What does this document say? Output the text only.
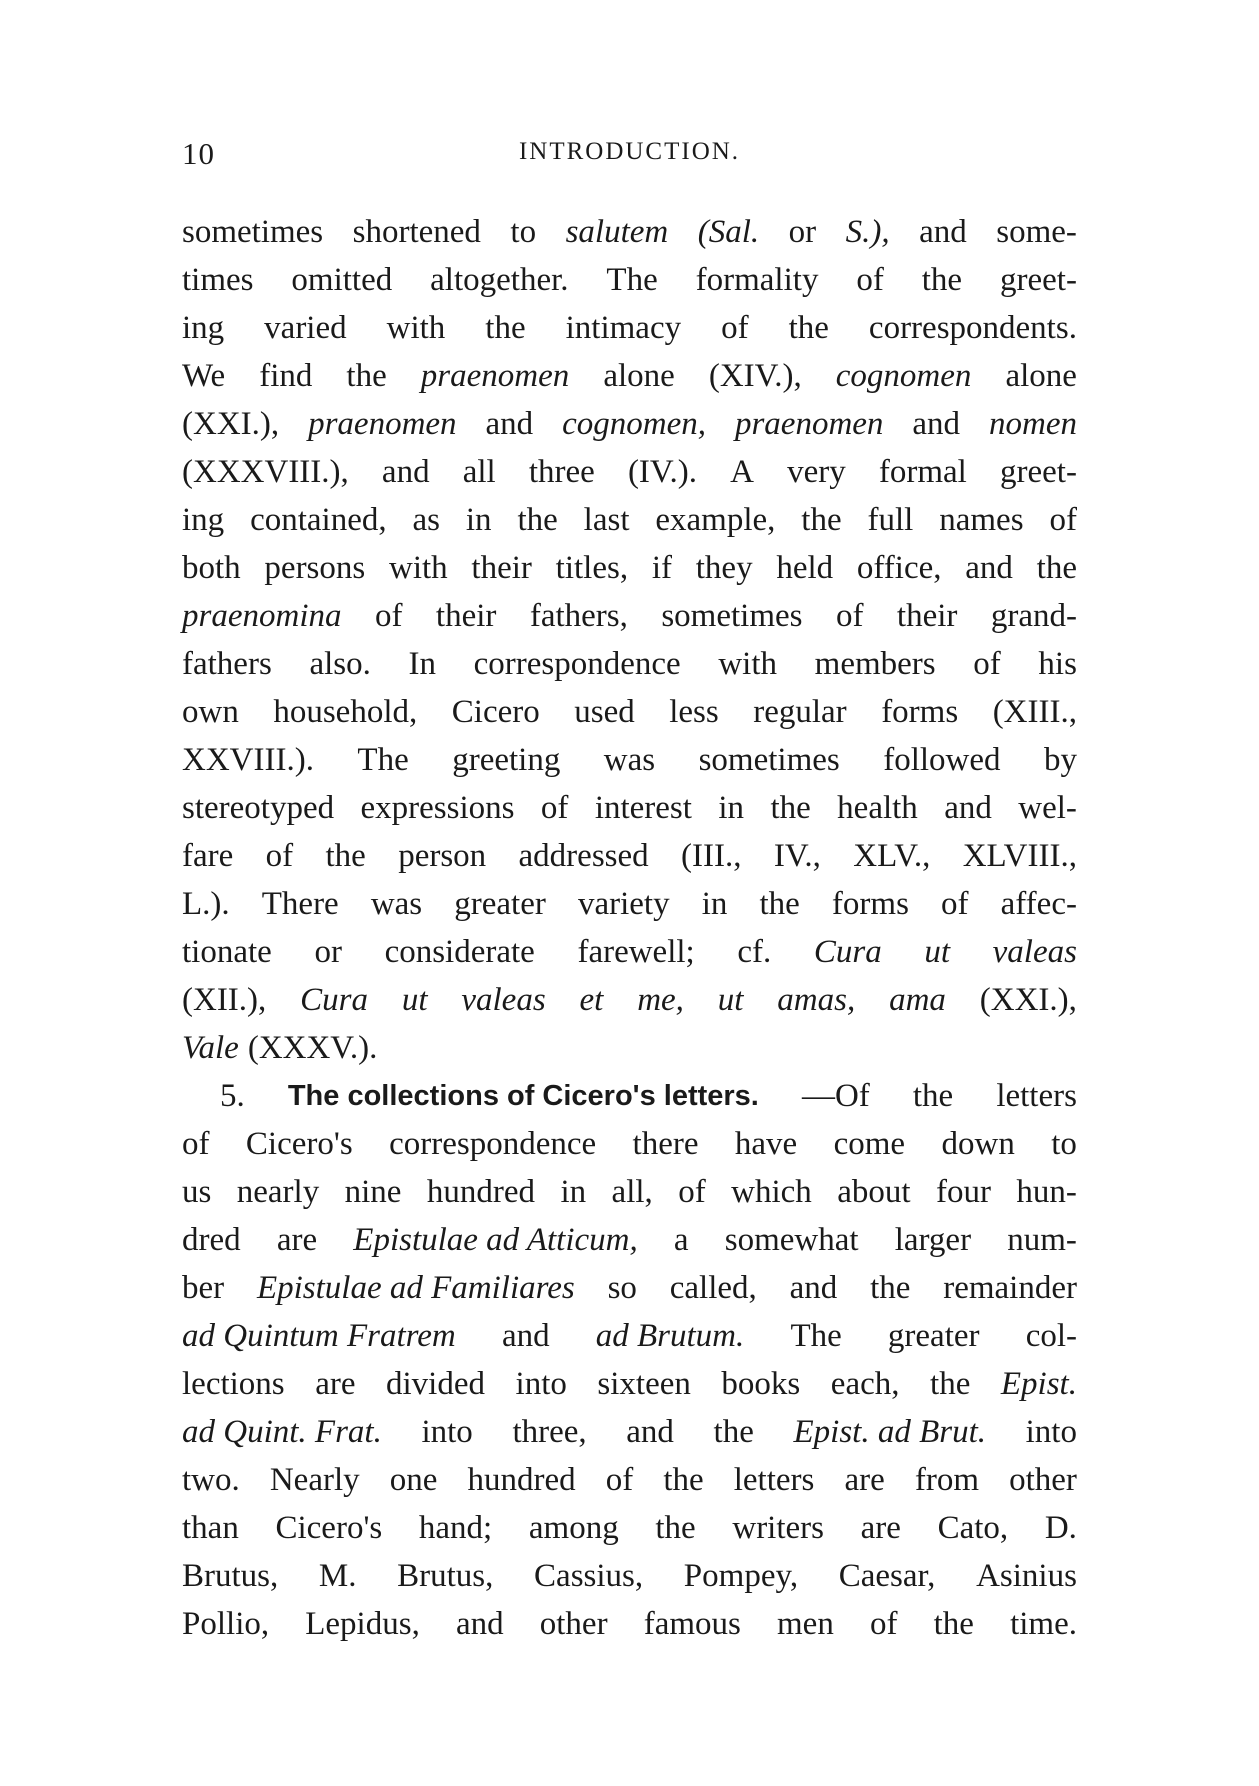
10	INTRODUCTION.
sometimes shortened to salutem (Sal. or S.), and some-
times omitted altogether. The formality of the greet-
ing varied with the intimacy of the correspondents.
We find the praenomen alone (XIV.), cognomen alone
(XXI.), praenomen and cognomen, praenomen and nomen
(XXXVIII.), and all three (IV.). A very formal greet-
ing contained, as in the last example, the full names of
both persons with their titles, if they held office, and the
praenomina of their fathers, sometimes of their grand-
fathers also. In correspondence with members of his
own household, Cicero used less regular forms (XIII.,
XXVIII.). The greeting was sometimes followed by
stereotyped expressions of interest in the health and wel-
fare of the person addressed (III., IV., XLV., XLVIII.,
L.). There was greater variety in the forms of affec-
tionate or considerate farewell; cf. Cura ut valeas
(XII.), Cura ut valeas et me, ut amas, ama (XXI.),
Vale (XXXV.).
5. The collections of Cicero's letters. —Of the letters
of Cicero's correspondence there have come down to
us nearly nine hundred in all, of which about four hun-
dred are Epistulae ad Atticum, a somewhat larger num-
ber Epistulae ad Familiares so called, and the remainder
ad Quintum Fratrem and ad Brutum. The greater col-
lections are divided into sixteen books each, the Epist.
ad Quint. Frat. into three, and the Epist. ad Brut. into
two. Nearly one hundred of the letters are from other
than Cicero's hand; among the writers are Cato, D.
Brutus, M. Brutus, Cassius, Pompey, Caesar, Asinius
Pollio, Lepidus, and other famous men of the time.
